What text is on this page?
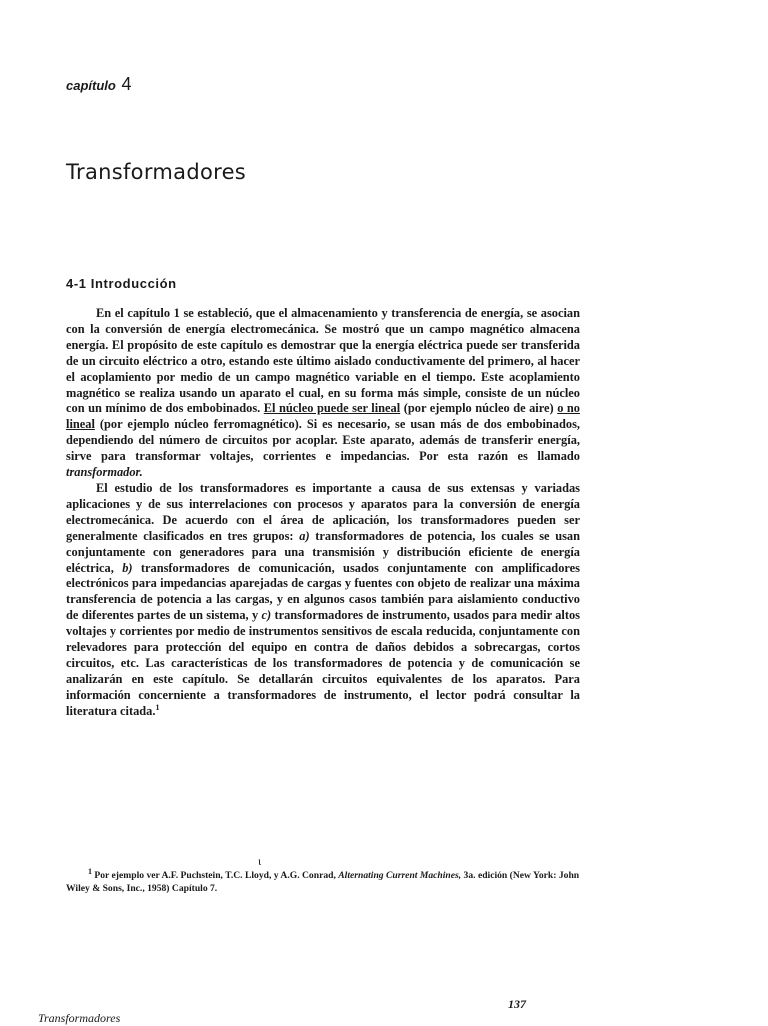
capítulo 4
Transformadores
4-1 Introducción

En el capítulo 1 se estableció, que el almacenamiento y transferencia de energía, se asocian con la conversión de energía electromecánica. Se mostró que un campo magnético almacena energía. El propósito de este capítulo es demostrar que la energía eléctrica puede ser transferida de un circuito eléctrico a otro, estando este último aislado conductivamente del primero, al hacer el acoplamiento por medio de un campo magnético variable en el tiempo. Este acoplamiento magnético se realiza usando un aparato el cual, en su forma más simple, consiste de un núcleo con un mínimo de dos embobinados. El núcleo puede ser lineal (por ejemplo núcleo de aire) o no lineal (por ejemplo núcleo ferromagnético). Si es necesario, se usan más de dos embobinados, dependiendo del número de circuitos por acoplar. Este aparato, además de transferir energía, sirve para transformar voltajes, corrientes e impedancias. Por esta razón es llamado transformador.

El estudio de los transformadores es importante a causa de sus extensas y variadas aplicaciones y de sus interrelaciones con procesos y aparatos para la conversión de energía electromecánica. De acuerdo con el área de aplicación, los transformadores pueden ser generalmente clasificados en tres grupos: a) transformadores de potencia, los cuales se usan conjuntamente con generadores para una transmisión y distribución eficiente de energía eléctrica, b) transformadores de comunicación, usados conjuntamente con amplificadores electrónicos para impedancias aparejadas de cargas y fuentes con objeto de realizar una máxima transferencia de potencia a las cargas, y en algunos casos también para aislamiento conductivo de diferentes partes de un sistema, y c) transformadores de instrumento, usados para medir altos voltajes y corrientes por medio de instrumentos sensitivos de escala reducida, conjuntamente con relevadores para protección del equipo en contra de daños debidos a sobrecargas, cortos circuitos, etc. Las características de los transformadores de potencia y de comunicación se analizarán en este capítulo. Se detallarán circuitos equivalentes de los aparatos. Para información concerniente a transformadores de instrumento, el lector podrá consultar la literatura citada.$^1$

ι

$^1$ Por ejemplo ver A.F. Puchstein, T.C. Lloyd, y A.G. Conrad, Alternating Current Machines, 3a. edición (New York: John Wiley & Sons, Inc., 1958) Capítulo 7.

137
Transformadores
